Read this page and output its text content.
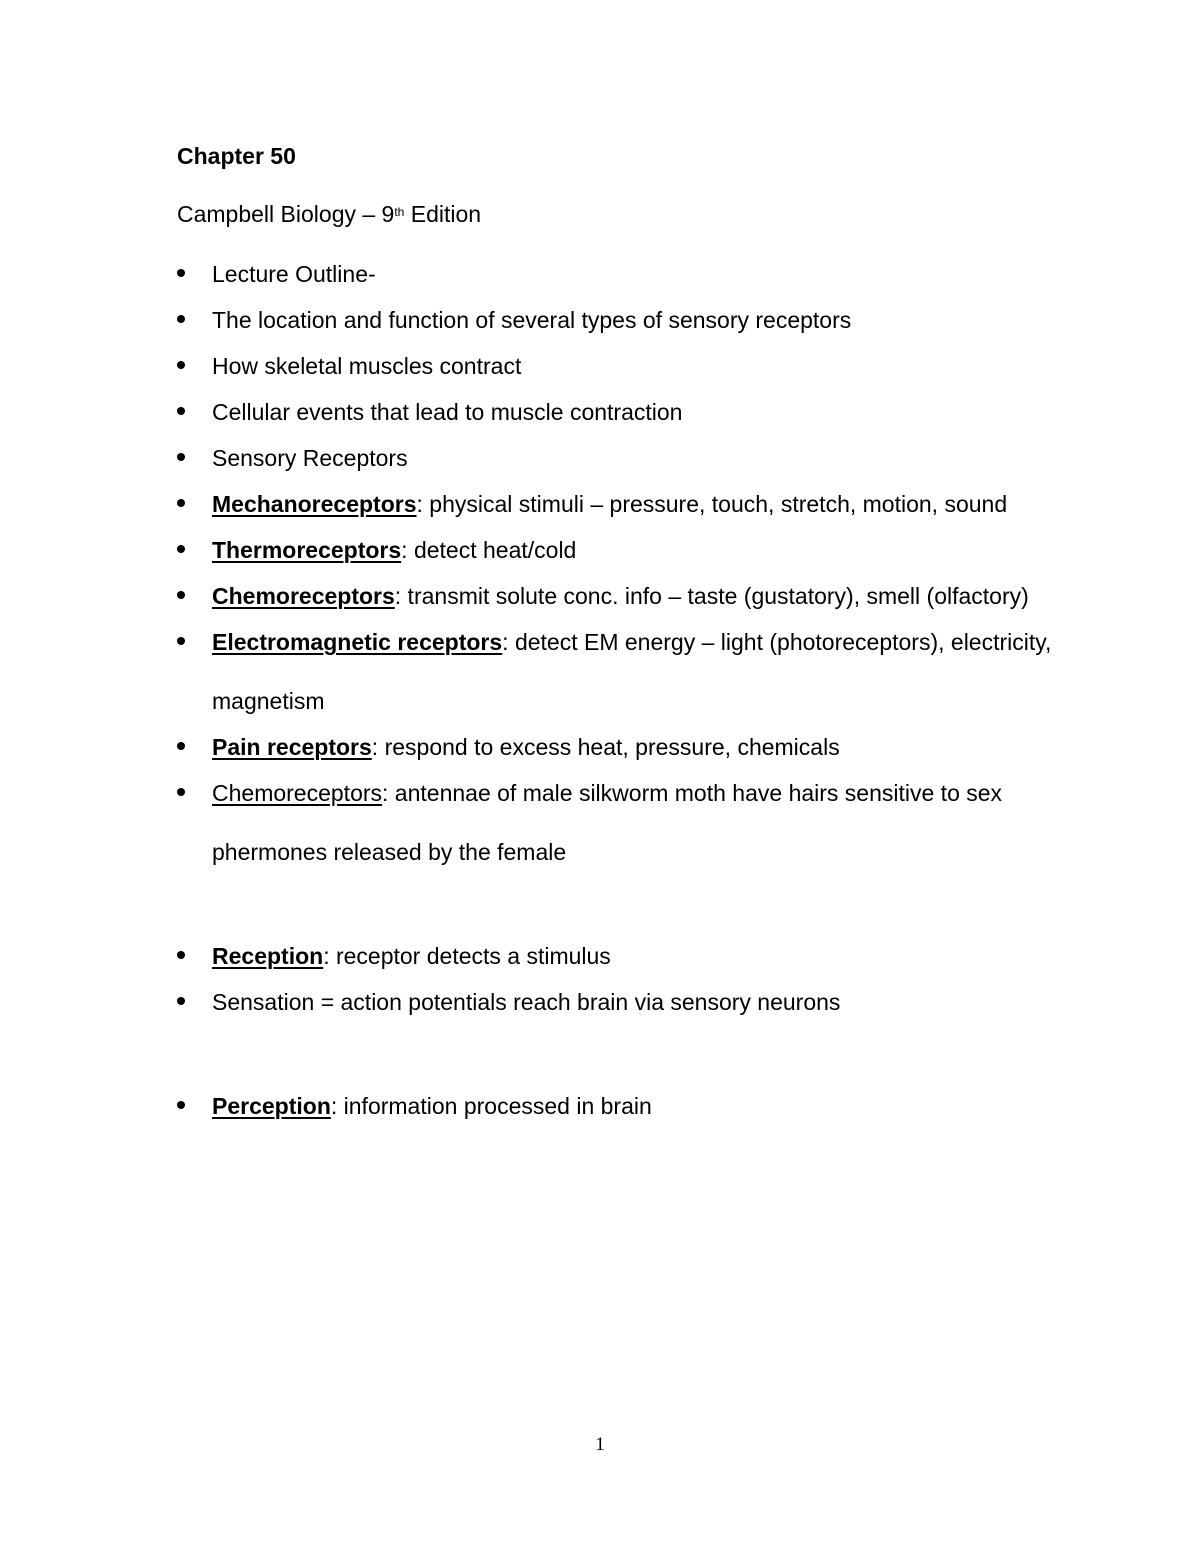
Chapter 50
Campbell Biology – 9th Edition
Lecture Outline-
The location and function of several types of sensory receptors
How skeletal muscles contract
Cellular events that lead to muscle contraction
Sensory Receptors
Mechanoreceptors: physical stimuli – pressure, touch, stretch, motion, sound
Thermoreceptors: detect heat/cold
Chemoreceptors: transmit solute conc. info – taste (gustatory), smell (olfactory)
Electromagnetic receptors: detect EM energy – light (photoreceptors), electricity, magnetism
Pain receptors: respond to excess heat, pressure, chemicals
Chemoreceptors: antennae of male silkworm moth have hairs sensitive to sex phermones released by the female
Reception: receptor detects a stimulus
Sensation = action potentials reach brain via sensory neurons
Perception: information processed in brain
1
